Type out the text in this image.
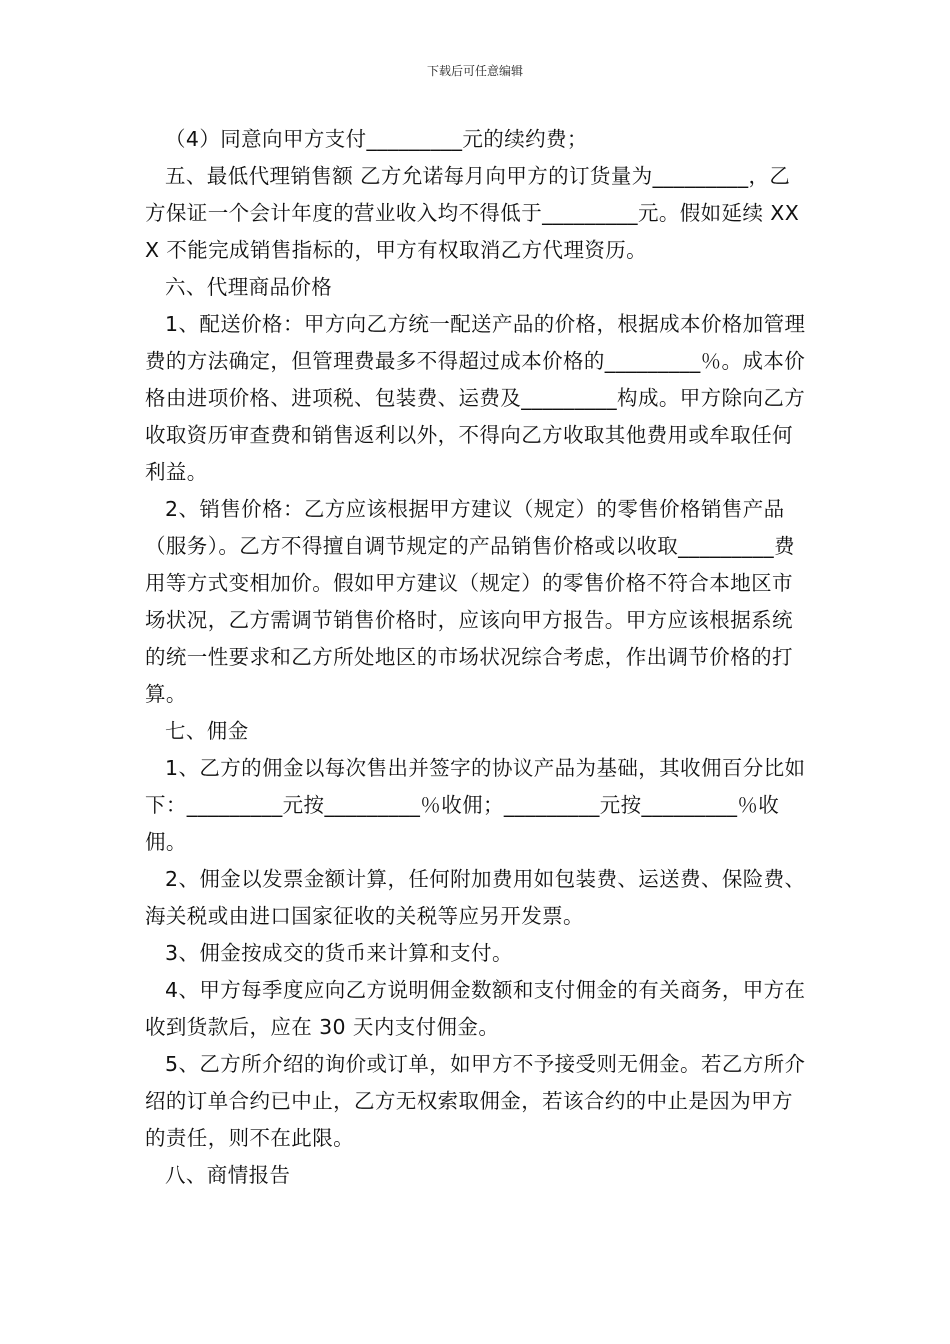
下载后可任意编辑

（4）同意向甲方支付_________元的续约费；

五、最低代理销售额 乙方允诺每月向甲方的订货量为_________，乙方保证一个会计年度的营业收入均不得低于_________元。假如延续 XXX 不能完成销售指标的，甲方有权取消乙方代理资历。

六、代理商品价格

1、配送价格：甲方向乙方统一配送产品的价格，根据成本价格加管理费的方法确定，但管理费最多不得超过成本价格的_________％。成本价格由进项价格、进项税、包装费、运费及_________构成。甲方除向乙方收取资历审查费和销售返利以外，不得向乙方收取其他费用或牟取任何利益。

2、销售价格：乙方应该根据甲方建议（规定）的零售价格销售产品（服务）。乙方不得擅自调节规定的产品销售价格或以收取_________费用等方式变相加价。假如甲方建议（规定）的零售价格不符合本地区市场状况，乙方需调节销售价格时，应该向甲方报告。甲方应该根据系统的统一性要求和乙方所处地区的市场状况综合考虑，作出调节价格的打算。

七、佣金

1、乙方的佣金以每次售出并签字的协议产品为基础，其收佣百分比如下：_________元按_________％收佣；_________元按_________％收佣。

2、佣金以发票金额计算，任何附加费用如包装费、运送费、保险费、海关税或由进口国家征收的关税等应另开发票。

3、佣金按成交的货币来计算和支付。

4、甲方每季度应向乙方说明佣金数额和支付佣金的有关商务，甲方在收到货款后，应在 30 天内支付佣金。

5、乙方所介绍的询价或订单，如甲方不予接受则无佣金。若乙方所介绍的订单合约已中止，乙方无权索取佣金，若该合约的中止是因为甲方的责任，则不在此限。

八、商情报告
